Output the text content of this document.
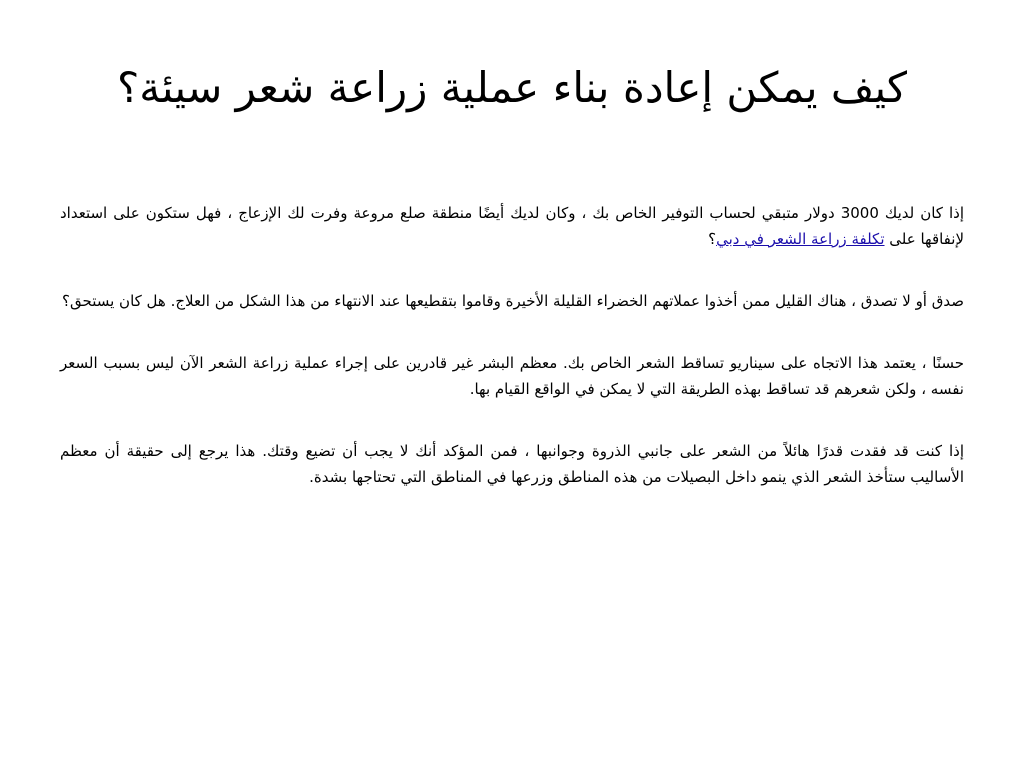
كيف يمكن إعادة بناء عملية زراعة شعر سيئة؟

إذا كان لديك 3000 دولار متبقي لحساب التوفير الخاص بك ، وكان لديك أيضًا منطقة صلع مروعة وفرت لك الإزعاج ، فهل ستكون على استعداد لإنفاقها على تكلفة زراعة الشعر في دبي؟

صدق أو لا تصدق ، هناك القليل ممن أخذوا عملاتهم الخضراء القليلة الأخيرة وقاموا بتقطيعها عند الانتهاء من هذا الشكل من العلاج. هل كان يستحق؟

حسنًا ، يعتمد هذا الاتجاه على سيناريو تساقط الشعر الخاص بك. معظم البشر غير قادرين على إجراء عملية زراعة الشعر الآن ليس بسبب السعر نفسه ، ولكن شعرهم قد تساقط بهذه الطريقة التي لا يمكن في الواقع القيام بها.

إذا كنت قد فقدت قدرًا هائلاً من الشعر على جانبي الذروة وجوانبها ، فمن المؤكد أنك لا يجب أن تضيع وقتك. هذا يرجع إلى حقيقة أن معظم الأساليب ستأخذ الشعر الذي ينمو داخل البصيلات من هذه المناطق وزرعها في المناطق التي تحتاجها بشدة.
